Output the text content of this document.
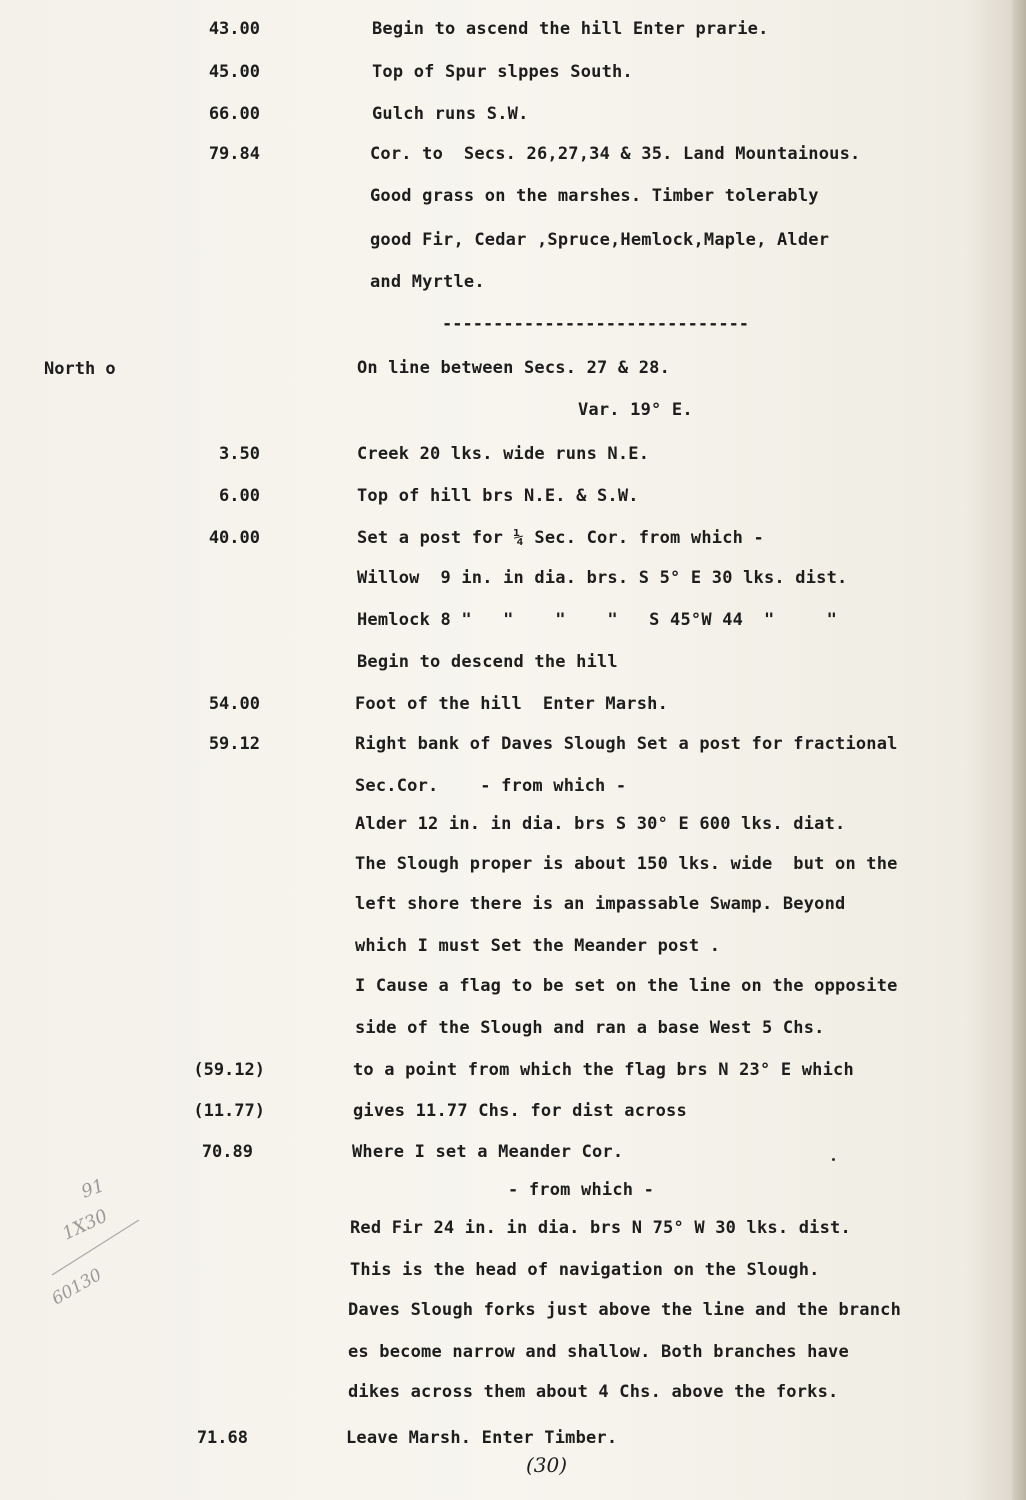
North o
43.00
45.00
66.00
79.84
3.50
6.00
40.00
54.00
59.12
(59.12)
(11.77)
70.89
71.68
Begin to ascend the hill Enter prarie.
Top of Spur slppes South.
Gulch runs S.W.
Cor. to  Secs. 26,27,34 & 35. Land Mountainous.
Good grass on the marshes. Timber tolerably
good Fir, Cedar ,Spruce,Hemlock,Maple, Alder
and Myrtle.
------------------------------
On line between Secs. 27 & 28.
Var. 19° E.
Creek 20 lks. wide runs N.E.
Top of hill brs N.E. & S.W.
Set a post for ¼ Sec. Cor. from which -
Willow  9 in. in dia. brs. S 5° E 30 lks. dist.
Hemlock 8 "   "    "    "   S 45°W 44  "     "
Begin to descend the hill
Foot of the hill  Enter Marsh.
Right bank of Daves Slough Set a post for fractional
Sec.Cor.    - from which -
Alder 12 in. in dia. brs S 30° E 600 lks. diat.
The Slough proper is about 150 lks. wide  but on the
left shore there is an impassable Swamp. Beyond
which I must Set the Meander post .
I Cause a flag to be set on the line on the opposite
side of the Slough and ran a base West 5 Chs.
to a point from which the flag brs N 23° E which
gives 11.77 Chs. for dist across
Where I set a Meander Cor.
- from which -
Red Fir 24 in. in dia. brs N 75° W 30 lks. dist.
This is the head of navigation on the Slough.
Daves Slough forks just above the line and the branch
es become narrow and shallow. Both branches have
dikes across them about 4 Chs. above the forks.
Leave Marsh. Enter Timber.
91
1X30
60130
(30)
